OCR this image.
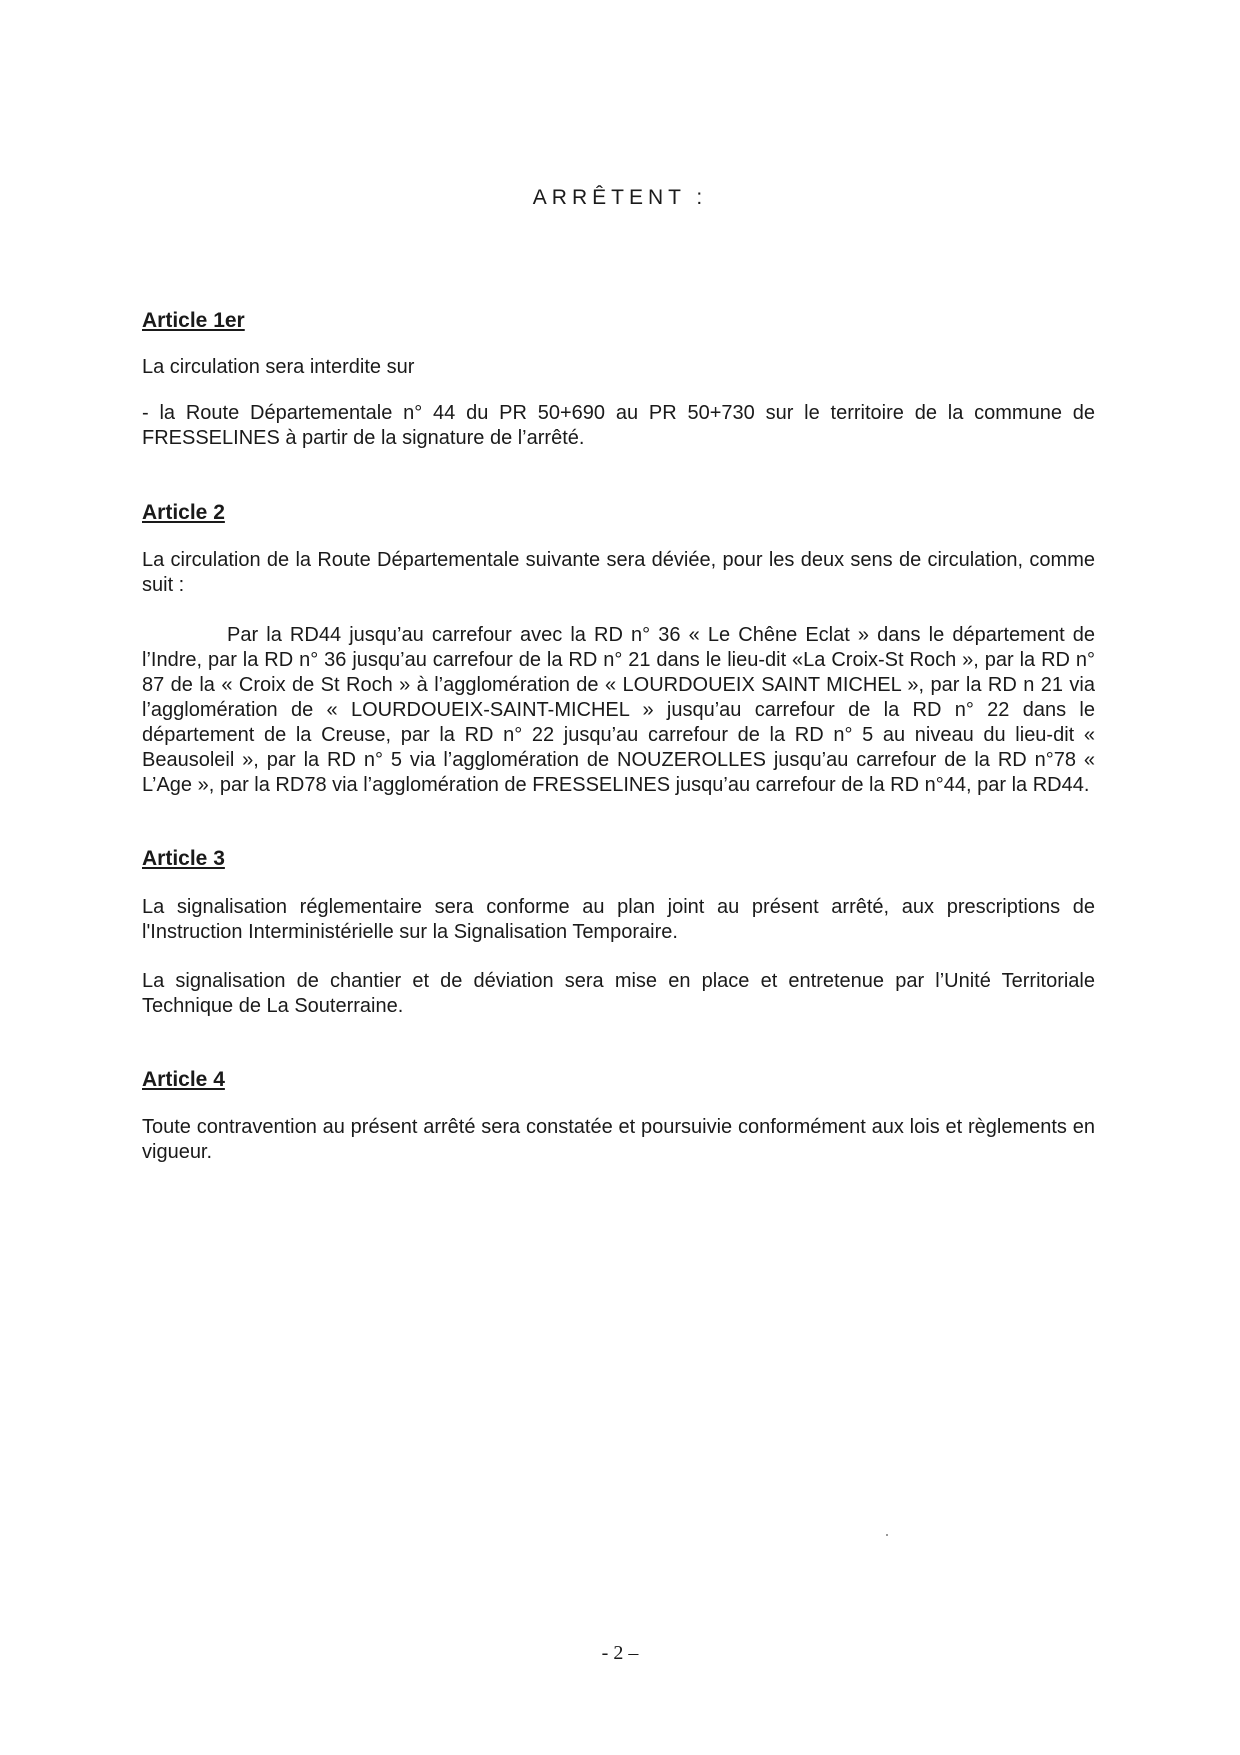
ARRÊTENT :
Article 1er

La circulation sera interdite sur

- la Route Départementale n° 44 du PR 50+690 au PR 50+730 sur le territoire de la commune de FRESSELINES à partir de la signature de l’arrêté.

Article 2

La circulation de la Route Départementale suivante sera déviée, pour les deux sens de circulation, comme suit :

Par la RD44 jusqu’au carrefour avec la RD n° 36 « Le Chêne Eclat » dans le département de l’Indre, par la RD n° 36 jusqu’au carrefour de la RD n° 21 dans le lieu-dit «La Croix-St Roch », par la RD n° 87 de la « Croix de St Roch » à l’agglomération de « LOURDOUEIX SAINT MICHEL », par la RD n 21 via l’agglomération de « LOURDOUEIX-SAINT-MICHEL » jusqu’au carrefour de la RD n° 22 dans le département de la Creuse, par la RD n° 22 jusqu’au carrefour de la RD n° 5 au niveau du lieu-dit « Beausoleil », par la RD n° 5 via l’agglomération de NOUZEROLLES jusqu’au carrefour de la RD n°78 « L’Age », par la RD78 via l’agglomération de FRESSELINES jusqu’au carrefour de la RD n°44, par la RD44.

Article 3

La signalisation réglementaire sera conforme au plan joint au présent arrêté, aux prescriptions de l'Instruction Interministérielle sur la Signalisation Temporaire.

La signalisation de chantier et de déviation sera mise en place et entretenue par l’Unité Territoriale Technique de La Souterraine.

Article 4

Toute contravention au présent arrêté sera constatée et poursuivie conformément aux lois et règlements en vigueur.

- 2 –
